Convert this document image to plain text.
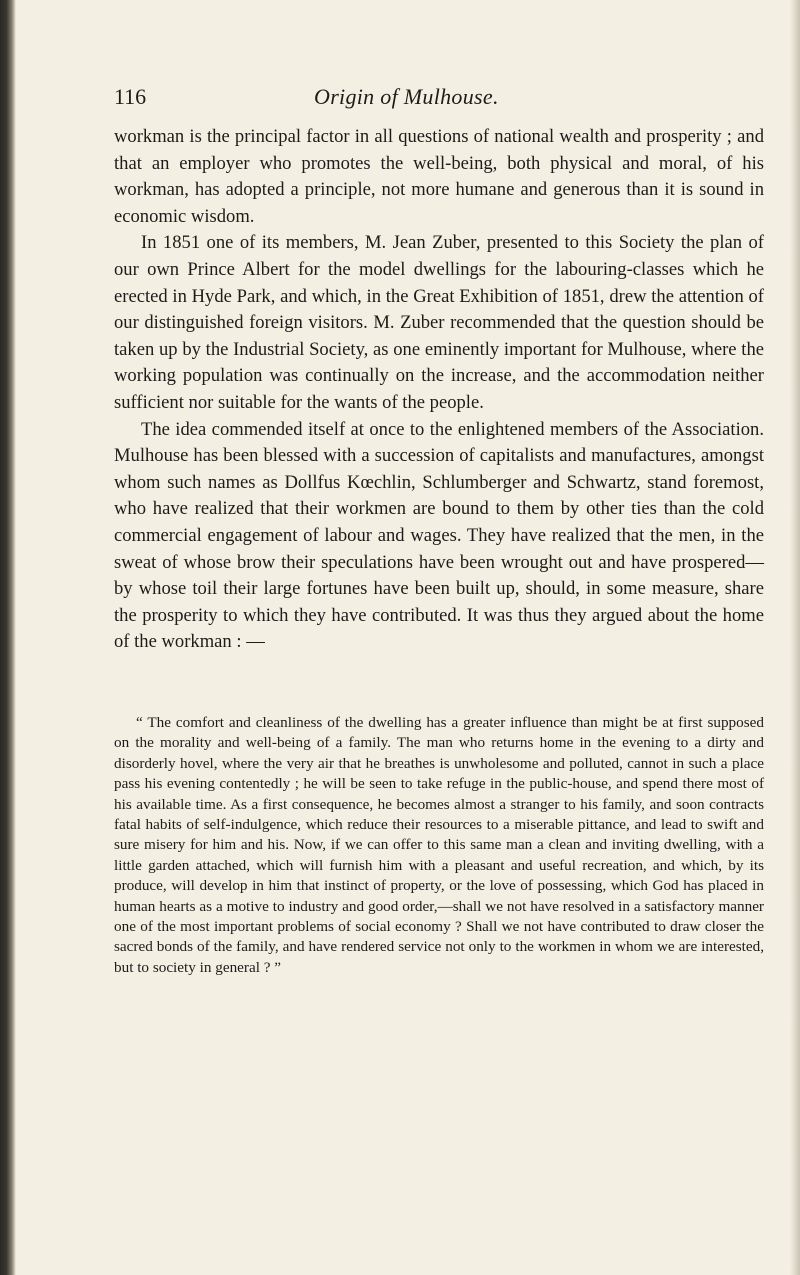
116	Origin of Mulhouse.

workman is the principal factor in all questions of national wealth and prosperity ; and that an employer who promotes the well-being, both physical and moral, of his workman, has adopted a principle, not more humane and generous than it is sound in economic wisdom.

In 1851 one of its members, M. Jean Zuber, presented to this Society the plan of our own Prince Albert for the model dwellings for the labouring-classes which he erected in Hyde Park, and which, in the Great Exhibition of 1851, drew the attention of our distinguished foreign visitors. M. Zuber recommended that the question should be taken up by the Industrial Society, as one eminently important for Mulhouse, where the working population was continually on the increase, and the accommodation neither sufficient nor suitable for the wants of the people.

The idea commended itself at once to the enlightened members of the Association. Mulhouse has been blessed with a succession of capitalists and manufactures, amongst whom such names as Dollfus Kœchlin, Schlumberger and Schwartz, stand foremost, who have realized that their workmen are bound to them by other ties than the cold commercial engagement of labour and wages. They have realized that the men, in the sweat of whose brow their speculations have been wrought out and have prospered—by whose toil their large fortunes have been built up, should, in some measure, share the prosperity to which they have contributed. It was thus they argued about the home of the workman : —

“ The comfort and cleanliness of the dwelling has a greater influence than might be at first supposed on the morality and well-being of a family. The man who returns home in the evening to a dirty and disorderly hovel, where the very air that he breathes is unwholesome and polluted, cannot in such a place pass his evening contentedly ; he will be seen to take refuge in the public-house, and spend there most of his available time. As a first consequence, he becomes almost a stranger to his family, and soon contracts fatal habits of self-indulgence, which reduce their resources to a miserable pittance, and lead to swift and sure misery for him and his. Now, if we can offer to this same man a clean and inviting dwelling, with a little garden attached, which will furnish him with a pleasant and useful recreation, and which, by its produce, will develop in him that instinct of property, or the love of possessing, which God has placed in human hearts as a motive to industry and good order,—shall we not have resolved in a satisfactory manner one of the most important problems of social economy ? Shall we not have contributed to draw closer the sacred bonds of the family, and have rendered service not only to the workmen in whom we are interested, but to society in general ? ”
